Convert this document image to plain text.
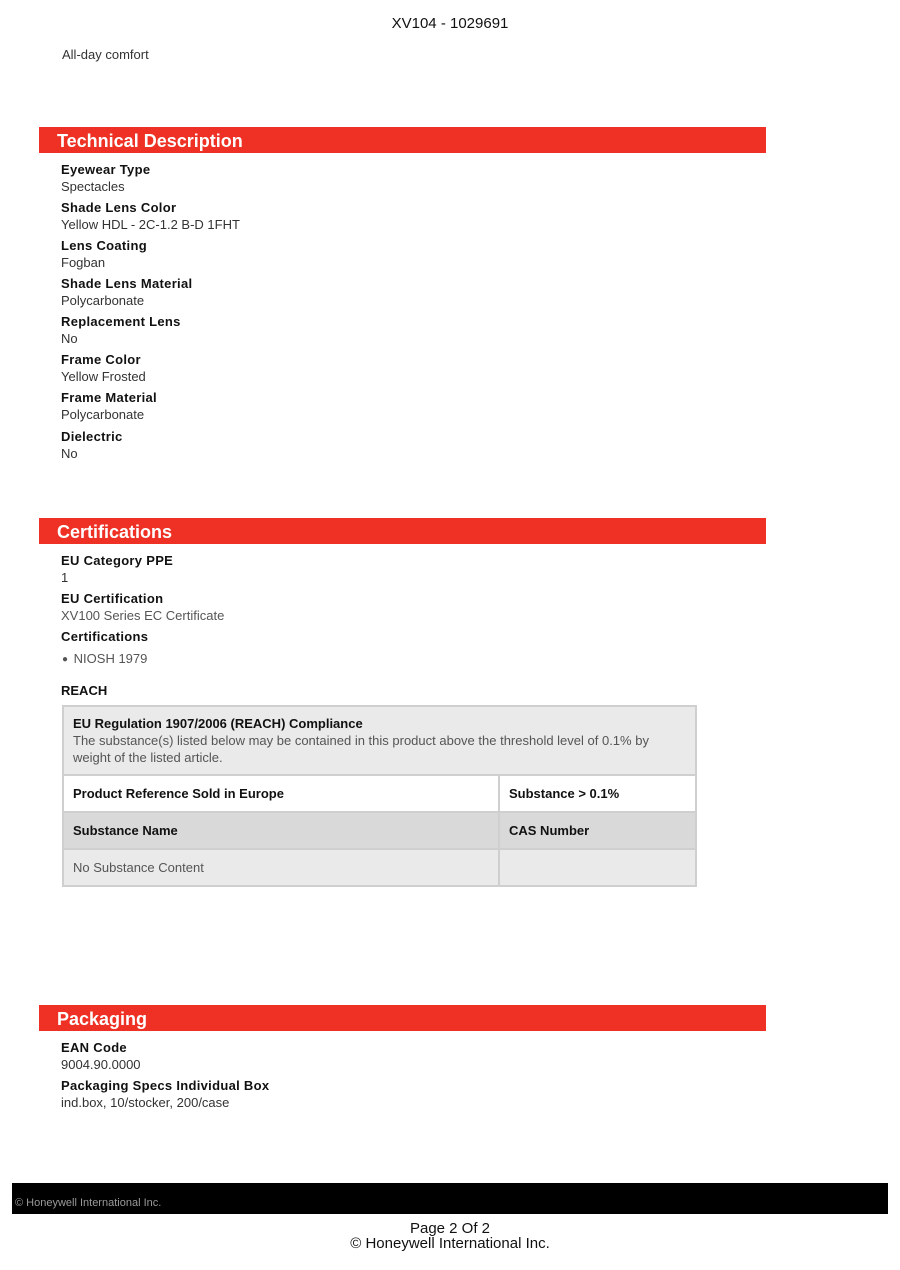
XV104 - 1029691
All-day comfort
Technical Description
Eyewear Type
Spectacles
Shade Lens Color
Yellow HDL - 2C-1.2 B-D 1FHT
Lens Coating
Fogban
Shade Lens Material
Polycarbonate
Replacement Lens
No
Frame Color
Yellow Frosted
Frame Material
Polycarbonate
Dielectric
No
Certifications
EU Category PPE
1
EU Certification
XV100 Series EC Certificate
Certifications
● NIOSH 1979
REACH
EU Regulation 1907/2006 (REACH) Compliance
The substance(s) listed below may be contained in this product above the threshold level of 0.1% by weight of the listed article.
Product Reference Sold in Europe	Substance > 0.1%
Substance Name	CAS Number
No Substance Content
Packaging
EAN Code
9004.90.0000
Packaging Specs Individual Box
ind.box, 10/stocker, 200/case
© Honeywell International Inc.
Page 2 Of 2
© Honeywell International Inc.
